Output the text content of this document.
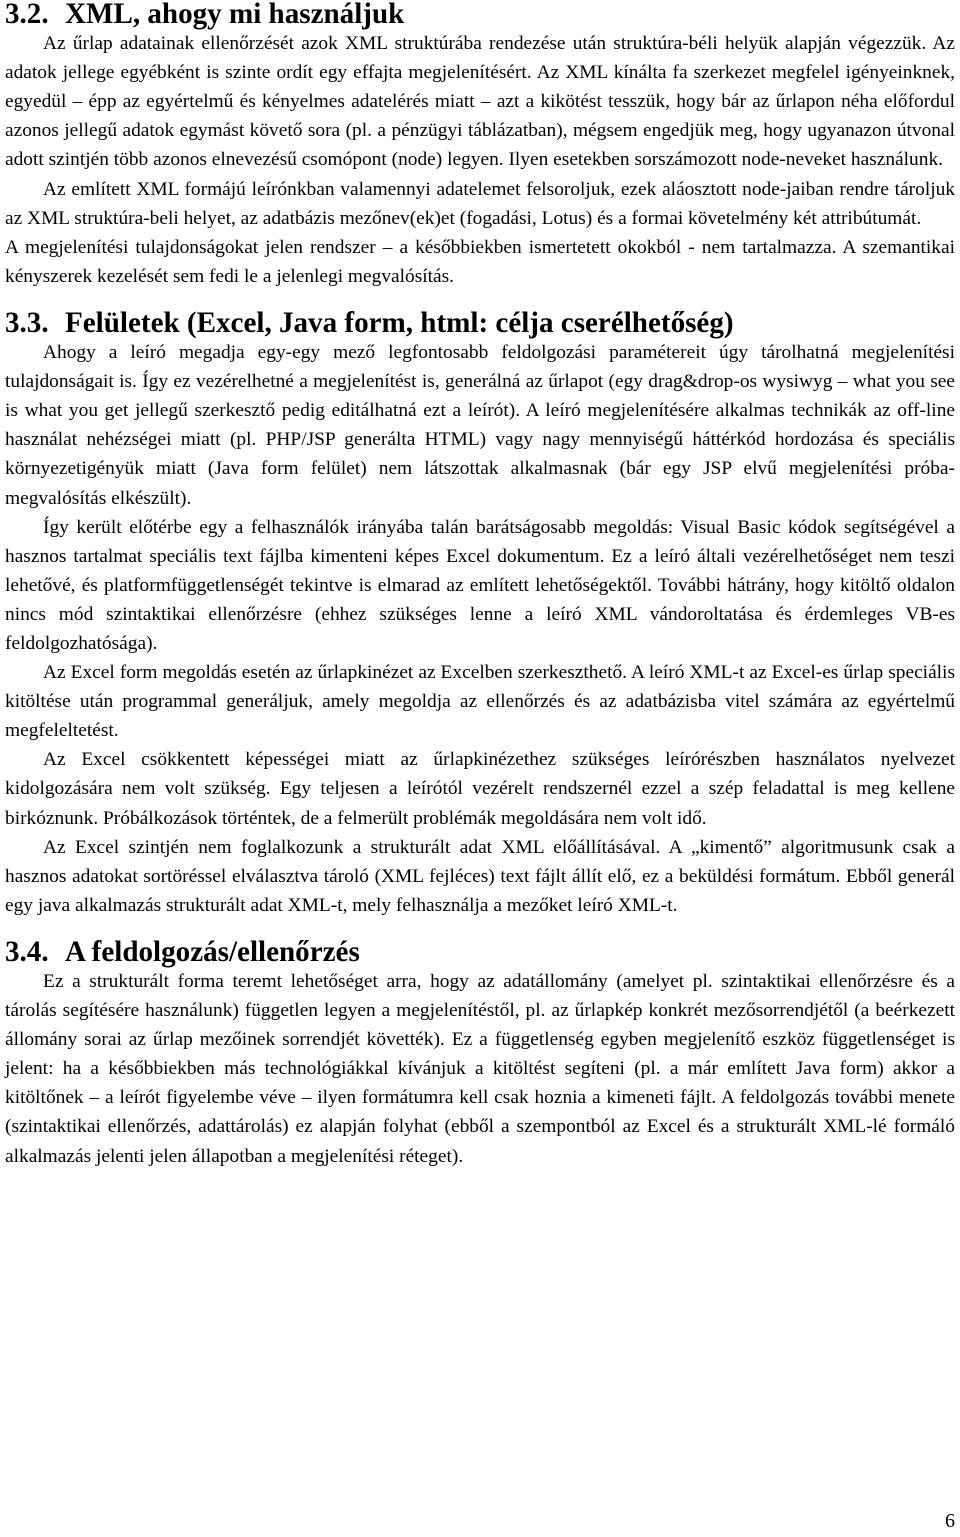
3.2. XML, ahogy mi használjuk

Az űrlap adatainak ellenőrzését azok XML struktúrába rendezése után struktúra-béli helyük alapján végezzük. Az adatok jellege egyébként is szinte ordít egy effajta megjelenítésért. Az XML kínálta fa szerkezet megfelel igényeinknek, egyedül – épp az egyértelmű és kényelmes adatelérés miatt – azt a kikötést tesszük, hogy bár az űrlapon néha előfordul azonos jellegű adatok egymást követő sora (pl. a pénzügyi táblázatban), mégsem engedjük meg, hogy ugyanazon útvonal adott szintjén több azonos elnevezésű csomópont (node) legyen. Ilyen esetekben sorszámozott node-neveket használunk.

Az említett XML formájú leírónkban valamennyi adatelemet felsoroljuk, ezek aláosztott node-jaiban rendre tároljuk az XML struktúra-beli helyet, az adatbázis mezőnev(ek)et (fogadási, Lotus) és a formai követelmény két attribútumát.

A megjelenítési tulajdonságokat jelen rendszer – a későbbiekben ismertetett okokból - nem tartalmazza. A szemantikai kényszerek kezelését sem fedi le a jelenlegi megvalósítás.

3.3. Felületek (Excel, Java form, html: célja cserélhetőség)

Ahogy a leíró megadja egy-egy mező legfontosabb feldolgozási paramétereit úgy tárolhatná megjelenítési tulajdonságait is. Így ez vezérelhetné a megjelenítést is, generálná az űrlapot (egy drag&drop-os wysiwyg – what you see is what you get jellegű szerkesztő pedig editálhatná ezt a leírót). A leíró megjelenítésére alkalmas technikák az off-line használat nehézségei miatt (pl. PHP/JSP generálta HTML) vagy nagy mennyiségű háttérkód hordozása és speciális környezetigényük miatt (Java form felület) nem látszottak alkalmasnak (bár egy JSP elvű megjelenítési próba-megvalósítás elkészült).

Így került előtérbe egy a felhasználók irányába talán barátságosabb megoldás: Visual Basic kódok segítségével a hasznos tartalmat speciális text fájlba kimenteni képes Excel dokumentum. Ez a leíró általi vezérelhetőséget nem teszi lehetővé, és platformfüggetlenségét tekintve is elmarad az említett lehetőségektől. További hátrány, hogy kitöltő oldalon nincs mód szintaktikai ellenőrzésre (ehhez szükséges lenne a leíró XML vándoroltatása és érdemleges VB-es feldolgozhatósága).

Az Excel form megoldás esetén az űrlapkinézet az Excelben szerkeszthető. A leíró XML-t az Excel-es űrlap speciális kitöltése után programmal generáljuk, amely megoldja az ellenőrzés és az adatbázisba vitel számára az egyértelmű megfeleltetést.

Az Excel csökkentett képességei miatt az űrlapkinézethez szükséges leírórészben használatos nyelvezet kidolgozására nem volt szükség. Egy teljesen a leírótól vezérelt rendszernél ezzel a szép feladattal is meg kellene birkóznunk. Próbálkozások történtek, de a felmerült problémák megoldására nem volt idő.

Az Excel szintjén nem foglalkozunk a strukturált adat XML előállításával. A „kimentő” algoritmusunk csak a hasznos adatokat sortöréssel elválasztva tároló (XML fejléces) text fájlt állít elő, ez a beküldési formátum. Ebből generál egy java alkalmazás strukturált adat XML-t, mely felhasználja a mezőket leíró XML-t.

3.4. A feldolgozás/ellenőrzés

Ez a strukturált forma teremt lehetőséget arra, hogy az adatállomány (amelyet pl. szintaktikai ellenőrzésre és a tárolás segítésére használunk) független legyen a megjelenítéstől, pl. az űrlapkép konkrét mezősorrendjétől (a beérkezett állomány sorai az űrlap mezőinek sorrendjét követték). Ez a függetlenség egyben megjelenítő eszköz függetlenséget is jelent: ha a későbbiekben más technológiákkal kívánjuk a kitöltést segíteni (pl. a már említett Java form) akkor a kitöltőnek – a leírót figyelembe véve – ilyen formátumra kell csak hoznia a kimeneti fájlt. A feldolgozás további menete (szintaktikai ellenőrzés, adattárolás) ez alapján folyhat (ebből a szempontból az Excel és a strukturált XML-lé formáló alkalmazás jelenti jelen állapotban a megjelenítési réteget).

6
